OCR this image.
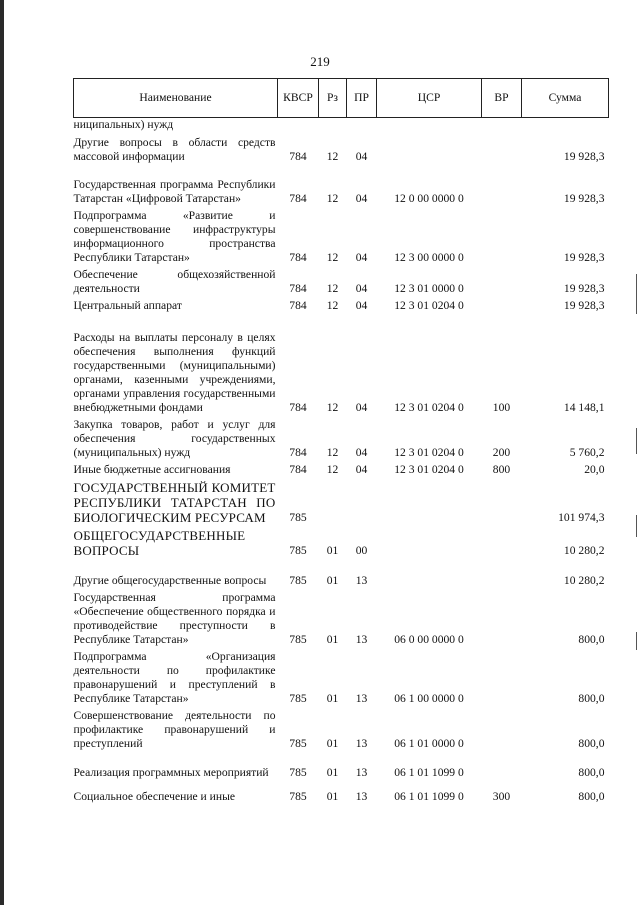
219
Наименование	КВСР	Рз	ПР	ЦСР	ВР	Сумма
ниципальных) нужд						
Другие вопросы в области средств массовой информации	784	12	04			19 928,3
Государственная программа Республики Татарстан «Цифровой Татарстан»	784	12	04	12 0 00 0000 0		19 928,3
Подпрограмма «Развитие и совершенствование инфраструктуры информационного пространства Республики Татарстан»	784	12	04	12 3 00 0000 0		19 928,3
Обеспечение общехозяйственной деятельности	784	12	04	12 3 01 0000 0		19 928,3
Центральный аппарат	784	12	04	12 3 01 0204 0		19 928,3
Расходы на выплаты персоналу в целях обеспечения выполнения функций государственными (муниципальными) органами, казенными учреждениями, органами управления государственными внебюджетными фондами	784	12	04	12 3 01 0204 0	100	14 148,1
Закупка товаров, работ и услуг для обеспечения государственных (муниципальных) нужд	784	12	04	12 3 01 0204 0	200	5 760,2
Иные бюджетные ассигнования	784	12	04	12 3 01 0204 0	800	20,0
ГОСУДАРСТВЕННЫЙ КОМИТЕТ РЕСПУБЛИКИ ТАТАРСТАН ПО БИОЛОГИЧЕСКИМ РЕСУРСАМ	785					101 974,3
ОБЩЕГОСУДАРСТВЕННЫЕ ВОПРОСЫ	785	01	00			10 280,2
Другие общегосударственные вопросы	785	01	13			10 280,2
Государственная программа «Обеспечение общественного порядка и противодействие преступности в Республике Татарстан»	785	01	13	06 0 00 0000 0		800,0
Подпрограмма «Организация деятельности по профилактике правонарушений и преступлений в Республике Татарстан»	785	01	13	06 1 00 0000 0		800,0
Совершенствование деятельности по профилактике правонарушений и преступлений	785	01	13	06 1 01 0000 0		800,0
Реализация программных мероприятий	785	01	13	06 1 01 1099 0		800,0
Социальное обеспечение и иные	785	01	13	06 1 01 1099 0	300	800,0
